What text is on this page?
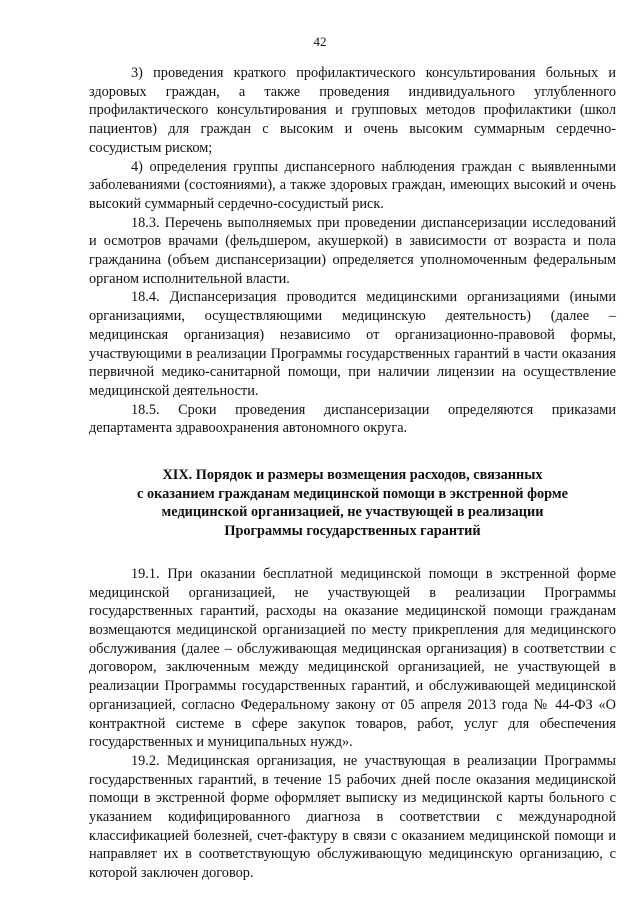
42

3) проведения краткого профилактического консультирования больных и здоровых граждан, а также проведения индивидуального углубленного профилактического консультирования и групповых методов профилактики (школ пациентов) для граждан с высоким и очень высоким суммарным сердечно-сосудистым риском;

4) определения группы диспансерного наблюдения граждан с выявленными заболеваниями (состояниями), а также здоровых граждан, имеющих высокий и очень высокий суммарный сердечно-сосудистый риск.

18.3. Перечень выполняемых при проведении диспансеризации исследований и осмотров врачами (фельдшером, акушеркой) в зависимости от возраста и пола гражданина (объем диспансеризации) определяется уполномоченным федеральным органом исполнительной власти.

18.4. Диспансеризация проводится медицинскими организациями (иными организациями, осуществляющими медицинскую деятельность) (далее – медицинская организация) независимо от организационно-правовой формы, участвующими в реализации Программы государственных гарантий в части оказания первичной медико-санитарной помощи, при наличии лицензии на осуществление медицинской деятельности.

18.5. Сроки проведения диспансеризации определяются приказами департамента здравоохранения автономного округа.

XIX. Порядок и размеры возмещения расходов, связанных
с оказанием гражданам медицинской помощи в экстренной форме
медицинской организацией, не участвующей в реализации
Программы государственных гарантий

19.1. При оказании бесплатной медицинской помощи в экстренной форме медицинской организацией, не участвующей в реализации Программы государственных гарантий, расходы на оказание медицинской помощи гражданам возмещаются медицинской организацией по месту прикрепления для медицинского обслуживания (далее – обслуживающая медицинская организация) в соответствии с договором, заключенным между медицинской организацией, не участвующей в реализации Программы государственных гарантий, и обслуживающей медицинской организацией, согласно Федеральному закону от 05 апреля 2013 года № 44-ФЗ «О контрактной системе в сфере закупок товаров, работ, услуг для обеспечения государственных и муниципальных нужд».

19.2. Медицинская организация, не участвующая в реализации Программы государственных гарантий, в течение 15 рабочих дней после оказания медицинской помощи в экстренной форме оформляет выписку из медицинской карты больного с указанием кодифицированного диагноза в соответствии с международной классификацией болезней, счет-фактуру в связи с оказанием медицинской помощи и направляет их в соответствующую обслуживающую медицинскую организацию, с которой заключен договор.
